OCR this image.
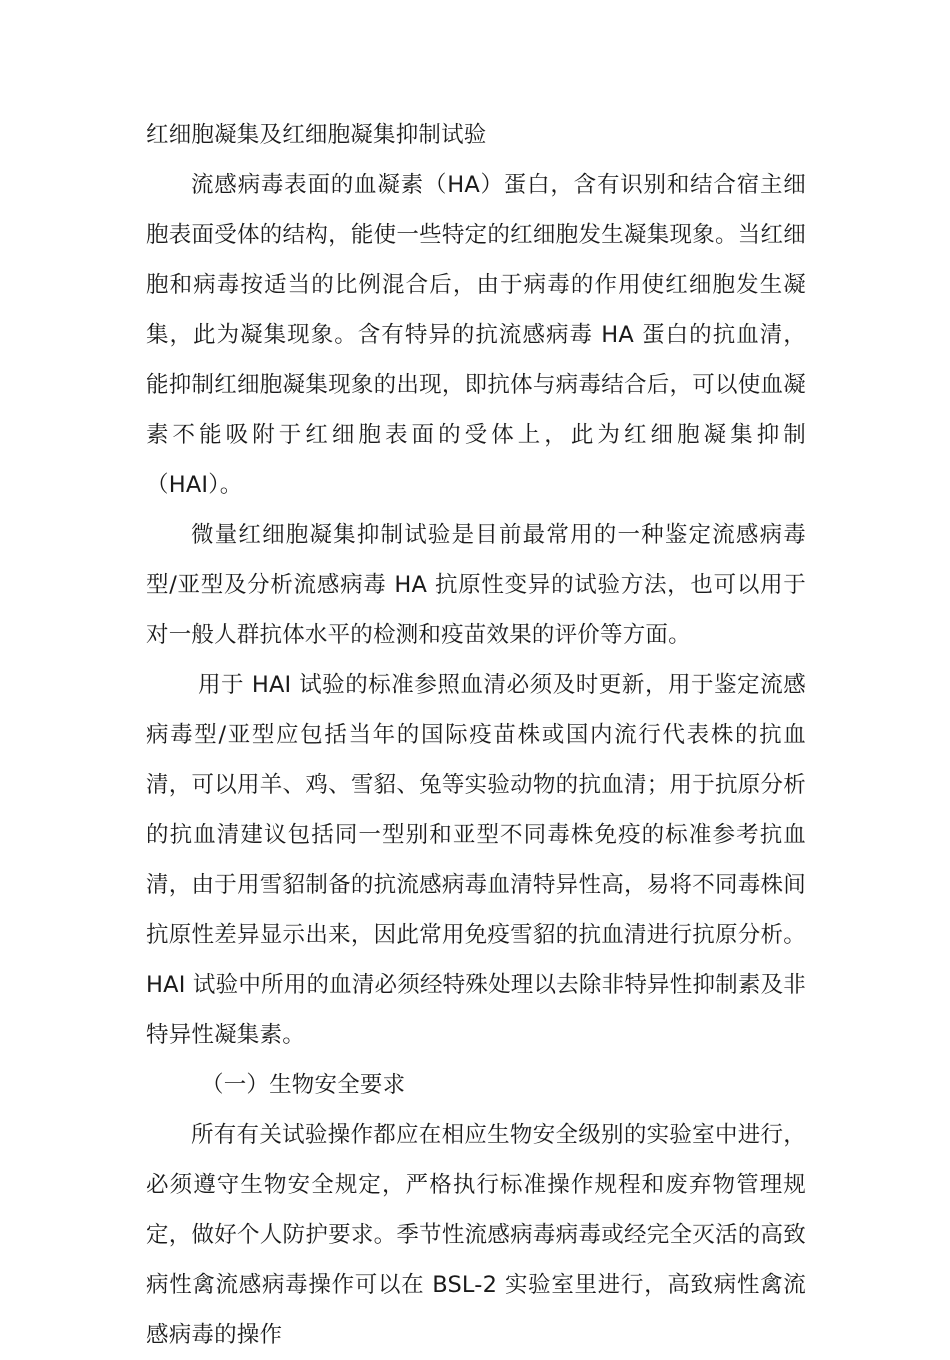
红细胞凝集及红细胞凝集抑制试验

流感病毒表面的血凝素（HA）蛋白，含有识别和结合宿主细胞表面受体的结构，能使一些特定的红细胞发生凝集现象。当红细胞和病毒按适当的比例混合后，由于病毒的作用使红细胞发生凝集，此为凝集现象。含有特异的抗流感病毒 HA 蛋白的抗血清，能抑制红细胞凝集现象的出现，即抗体与病毒结合后，可以使血凝素不能吸附于红细胞表面的受体上，此为红细胞凝集抑制（HAI）。

微量红细胞凝集抑制试验是目前最常用的一种鉴定流感病毒型/亚型及分析流感病毒 HA 抗原性变异的试验方法，也可以用于对一般人群抗体水平的检测和疫苗效果的评价等方面。

用于 HAI 试验的标准参照血清必须及时更新，用于鉴定流感病毒型/亚型应包括当年的国际疫苗株或国内流行代表株的抗血清，可以用羊、鸡、雪貂、兔等实验动物的抗血清；用于抗原分析的抗血清建议包括同一型别和亚型不同毒株免疫的标准参考抗血清，由于用雪貂制备的抗流感病毒血清特异性高，易将不同毒株间抗原性差异显示出来，因此常用免疫雪貂的抗血清进行抗原分析。HAI 试验中所用的血清必须经特殊处理以去除非特异性抑制素及非特异性凝集素。

（一）生物安全要求

所有有关试验操作都应在相应生物安全级别的实验室中进行，必须遵守生物安全规定，严格执行标准操作规程和废弃物管理规定，做好个人防护要求。季节性流感病毒病毒或经完全灭活的高致病性禽流感病毒操作可以在 BSL-2 实验室里进行，高致病性禽流感病毒的操作
